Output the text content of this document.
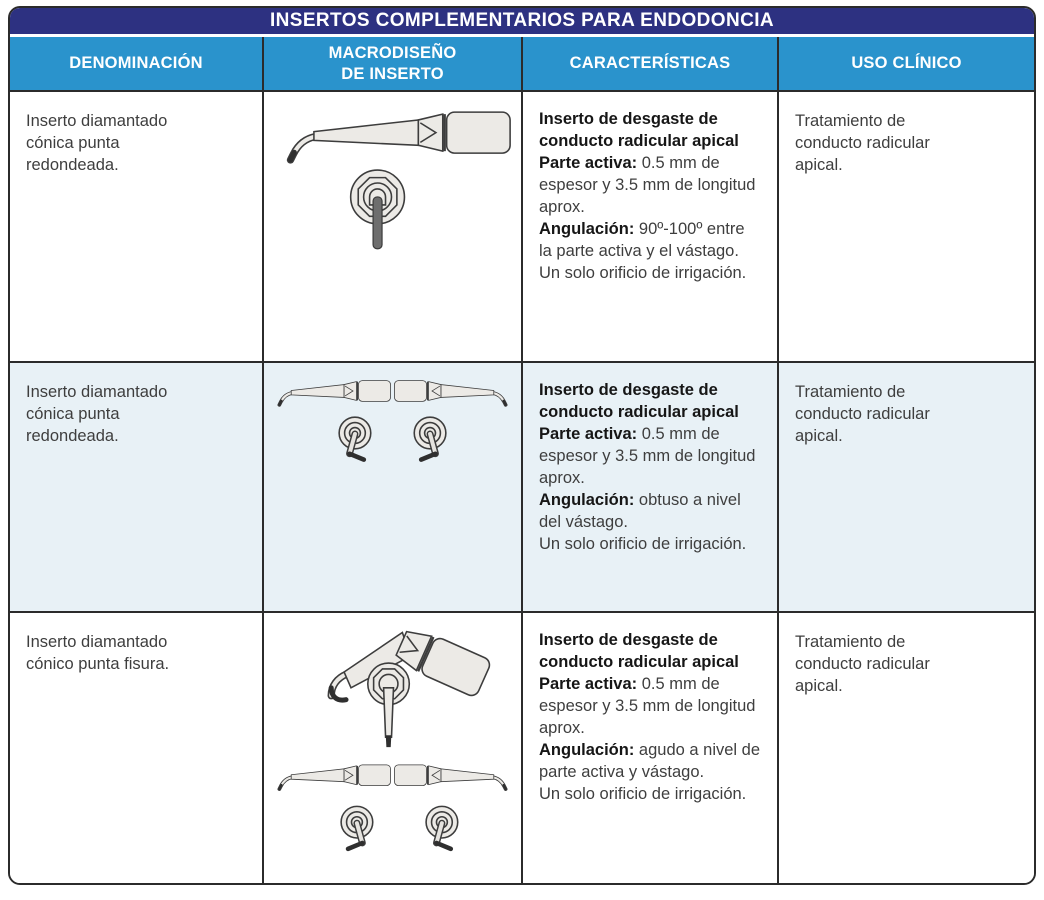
INSERTOS COMPLEMENTARIOS PARA ENDODONCIA
DENOMINACIÓN
MACRODISEÑO DE INSERTO
CARACTERÍSTICAS	USO CLÍNICO

Inserto diamantado cónica punta redondeada.

Inserto de desgaste de conducto radicular apical

Parte activa: 0.5 mm de espesor y 3.5 mm de longitud aprox.

Angulación: 90º-100º entre la parte activa y el vástago.

Un solo orificio de irrigación.

Tratamiento de conducto radicular apical.

Inserto diamantado cónica punta redondeada.

Inserto de desgaste de conducto radicular apical

Parte activa: 0.5 mm de espesor y 3.5 mm de longitud aprox.

Angulación: obtuso a nivel del vástago.

Un solo orificio de irrigación.

Tratamiento de conducto radicular apical.

Inserto diamantado cónico punta fisura.

Inserto de desgaste de conducto radicular apical

Parte activa: 0.5 mm de espesor y 3.5 mm de longitud aprox.

Angulación: agudo a nivel de parte activa y vástago.

Un solo orificio de irrigación.

Tratamiento de conducto radicular apical.
